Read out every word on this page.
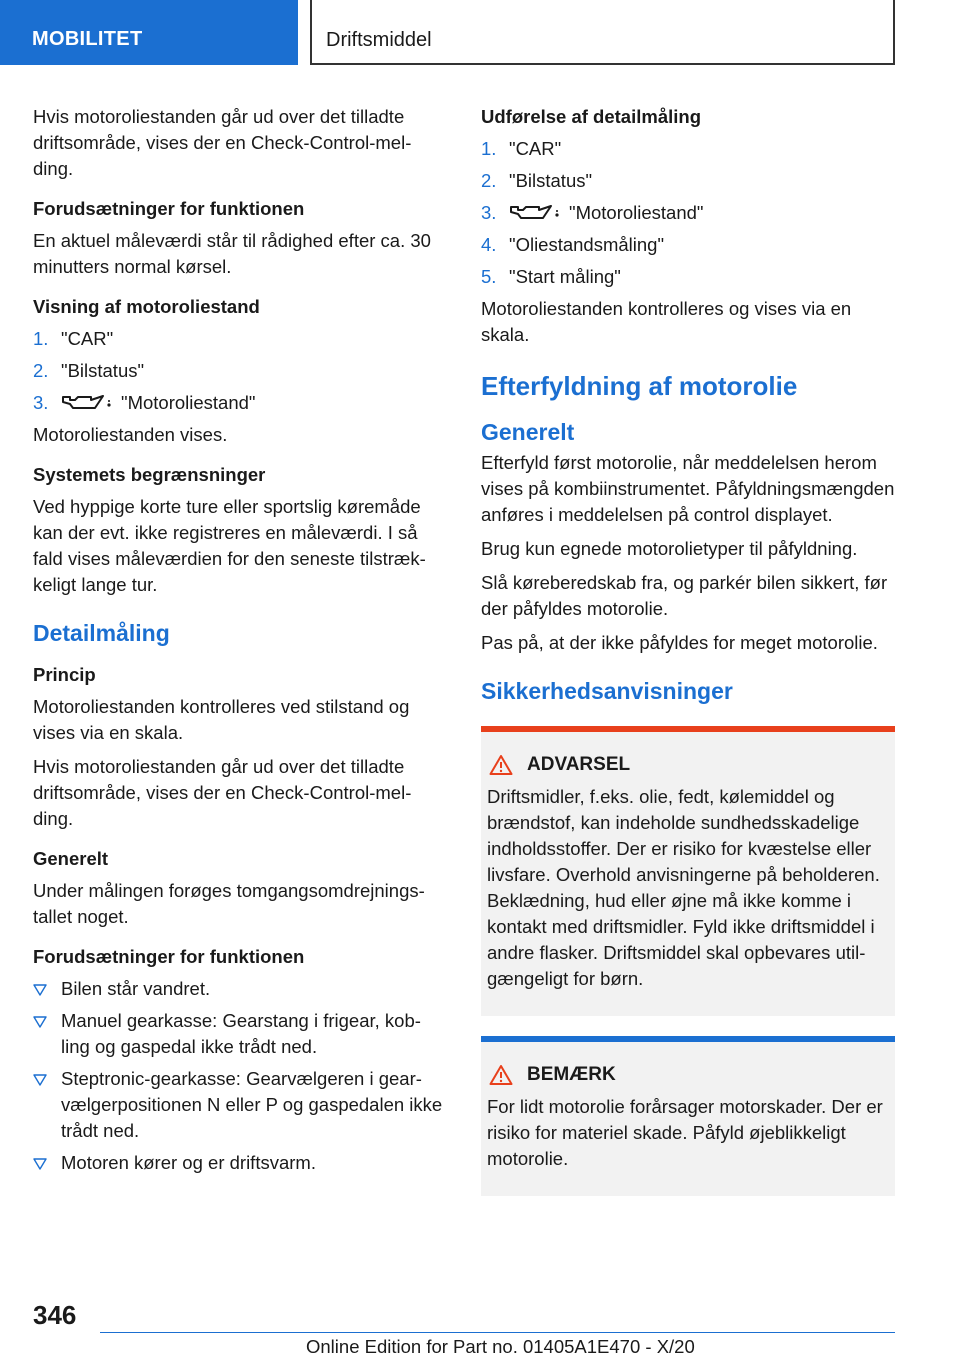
MOBILITET	Driftsmiddel

Hvis motoroliestanden går ud over det tilladte driftsområde, vises der en Check-Control-melding.

Forudsætninger for funktionen

En aktuel måleværdi står til rådighed efter ca. 30 minutters normal kørsel.

Visning af motoroliestand
1. "CAR"
2. "Bilstatus"
3.	"Motoroliestand"

Motoroliestanden vises.

Systemets begrænsninger

Ved hyppige korte ture eller sportslig køremåde kan der evt. ikke registreres en måleværdi. I så fald vises måleværdien for den seneste tilstrækkeligt lange tur.

Detailmåling
Princip

Motoroliestanden kontrolleres ved stilstand og vises via en skala.

Hvis motoroliestanden går ud over det tilladte driftsområde, vises der en Check-Control-melding.

Generelt

Under målingen forøges tomgangsomdrejningstallet noget.

Forudsætninger for funktionen
Bilen står vandret.
Manuel gearkasse: Gearstang i frigear, kobling og gaspedal ikke trådt ned.
Steptronic-gearkasse: Gearvælgeren i gearvælgerpositionen N eller P og gaspedalen ikke trådt ned.
Motoren kører og er driftsvarm.
Udførelse af detailmåling
1. "CAR"
2. "Bilstatus"
3.	"Motoroliestand"
4. "Oliestandsmåling"
5. "Start måling"

Motoroliestanden kontrolleres og vises via en skala.

Efterfyldning af motorolie
Generelt

Efterfyld først motorolie, når meddelelsen herom vises på kombiinstrumentet. Påfyldningsmængden anføres i meddelelsen på control displayet.

Brug kun egnede motorolietyper til påfyldning.

Slå køreberedskab fra, og parkér bilen sikkert, før der påfyldes motorolie.

Pas på, at der ikke påfyldes for meget motorolie.

Sikkerhedsanvisninger
ADVARSEL

Driftsmidler, f.eks. olie, fedt, kølemiddel og brændstof, kan indeholde sundhedsskadelige indholdsstoffer. Der er risiko for kvæstelse eller livsfare. Overhold anvisningerne på beholderen. Beklædning, hud eller øjne må ikke komme i kontakt med driftsmidler. Fyld ikke driftsmiddel i andre flasker. Driftsmiddel skal opbevares utilgængeligt for børn.

BEMÆRK

For lidt motorolie forårsager motorskader. Der er risiko for materiel skade. Påfyld øjeblikkeligt motorolie.

346
Online Edition for Part no. 01405A1E470 - X/20
